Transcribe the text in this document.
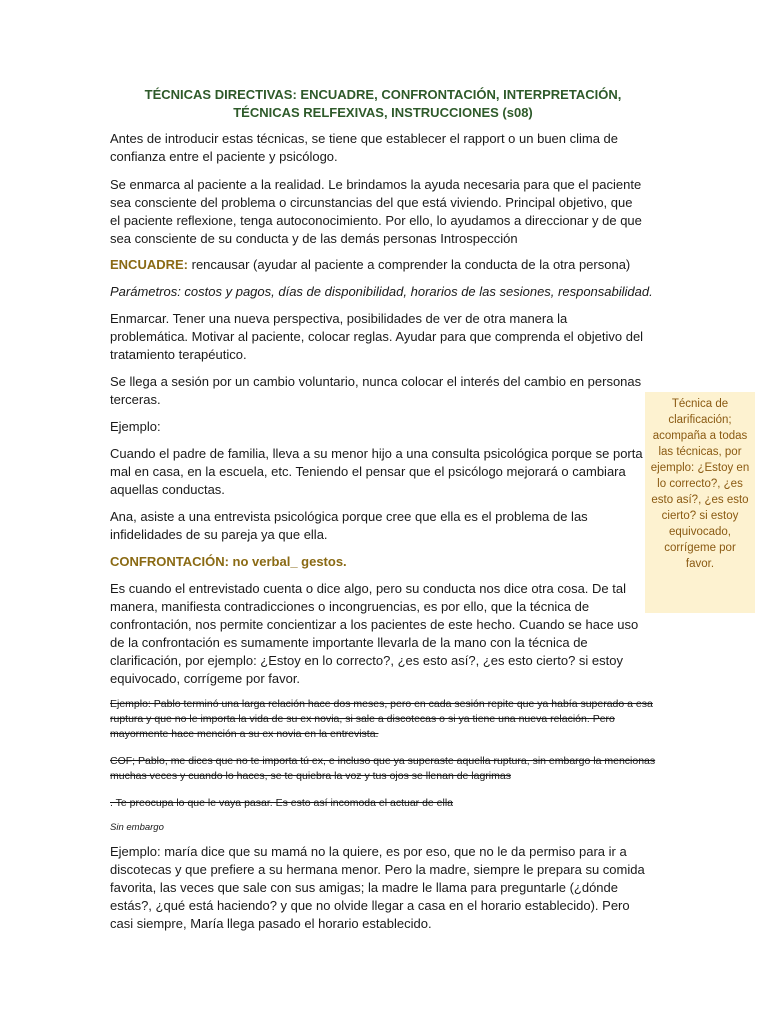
TÉCNICAS DIRECTIVAS: ENCUADRE, CONFRONTACIÓN, INTERPRETACIÓN, TÉCNICAS RELFEXIVAS, INSTRUCCIONES (s08)

Antes de introducir estas técnicas, se tiene que establecer el rapport o un buen clima de confianza entre el paciente y psicólogo.

Se enmarca al paciente a la realidad. Le brindamos la ayuda necesaria para que el paciente sea consciente del problema o circunstancias del que está viviendo. Principal objetivo, que el paciente reflexione, tenga autoconocimiento. Por ello, lo ayudamos a direccionar y de que sea consciente de su conducta y de las demás personas Introspección

ENCUADRE: rencausar (ayudar al paciente a comprender la conducta de la otra persona)

Parámetros: costos y pagos, días de disponibilidad, horarios de las sesiones, responsabilidad.

Enmarcar. Tener una nueva perspectiva, posibilidades de ver de otra manera la problemática. Motivar al paciente, colocar reglas. Ayudar para que comprenda el objetivo del tratamiento terapéutico.

Se llega a sesión por un cambio voluntario, nunca colocar el interés del cambio en personas terceras.

Ejemplo:

Cuando el padre de familia, lleva a su menor hijo a una consulta psicológica porque se porta mal en casa, en la escuela, etc. Teniendo el pensar que el psicólogo mejorará o cambiara aquellas conductas.

Ana, asiste a una entrevista psicológica porque cree que ella es el problema de las infidelidades de su pareja ya que ella.

CONFRONTACIÓN: no verbal_ gestos.

Es cuando el entrevistado cuenta o dice algo, pero su conducta nos dice otra cosa. De tal manera, manifiesta contradicciones o incongruencias, es por ello, que la técnica de confrontación, nos permite concientizar a los pacientes de este hecho. Cuando se hace uso de la confrontación es sumamente importante llevarla de la mano con la técnica de clarificación, por ejemplo: ¿Estoy en lo correcto?, ¿es esto así?, ¿es esto cierto? si estoy equivocado, corrígeme por favor.

Ejemplo: Pablo terminó una larga relación hace dos meses, pero en cada sesión repite que ya había superado a esa ruptura y que no le importa la vida de su ex novia, si sale a discotecas o si ya tiene una nueva relación. Pero mayormente hace mención a su ex novia en la entrevista.

COF; Pablo, me dices que no te importa tú ex, e incluso que ya superaste aquella ruptura, sin embargo la mencionas muchas veces y cuando lo haces, se te quiebra la voz y tus ojos se llenan de lagrimas

. Te preocupa lo que le vaya pasar. Es esto así incomoda el actuar de ella

Sin embargo

Ejemplo: maría dice que su mamá no la quiere, es por eso, que no le da permiso para ir a discotecas y que prefiere a su hermana menor. Pero la madre, siempre le prepara su comida favorita, las veces que sale con sus amigas; la madre le llama para preguntarle (¿dónde estás?, ¿qué está haciendo? y que no olvide llegar a casa en el horario establecido). Pero casi siempre, María llega pasado el horario establecido.

Técnica de clarificación; acompaña a todas las técnicas, por ejemplo: ¿Estoy en lo correcto?, ¿es esto así?, ¿es esto cierto? si estoy equivocado, corrígeme por favor.
